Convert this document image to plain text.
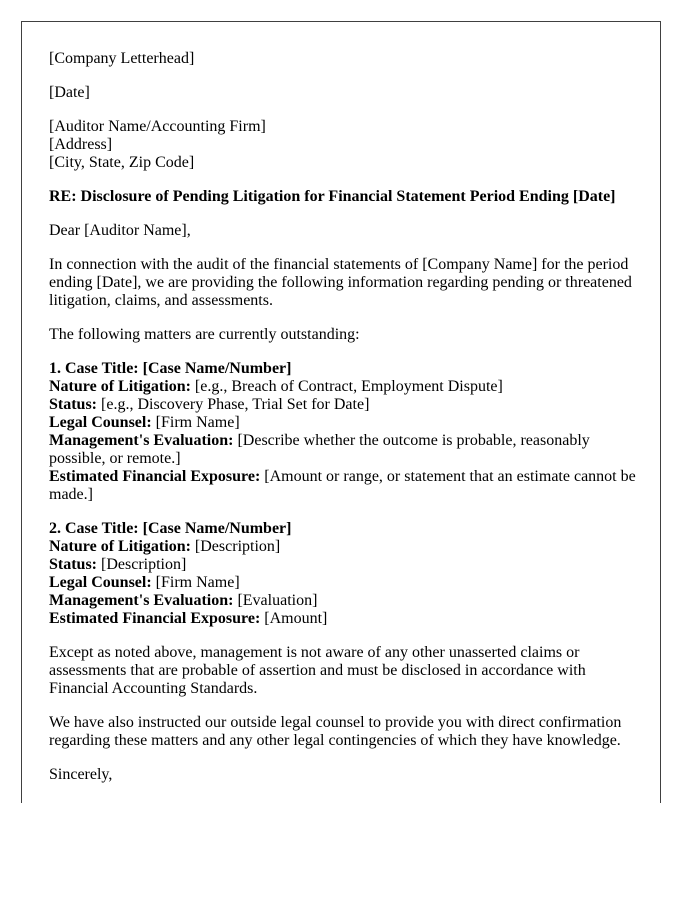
[Company Letterhead]

[Date]

[Auditor Name/Accounting Firm]
[Address]
[City, State, Zip Code]

RE: Disclosure of Pending Litigation for Financial Statement Period Ending [Date]

Dear [Auditor Name],

In connection with the audit of the financial statements of [Company Name] for the period ending [Date], we are providing the following information regarding pending or threatened litigation, claims, and assessments.

The following matters are currently outstanding:

1. Case Title: [Case Name/Number]
Nature of Litigation: [e.g., Breach of Contract, Employment Dispute]
Status: [e.g., Discovery Phase, Trial Set for Date]
Legal Counsel: [Firm Name]
Management's Evaluation: [Describe whether the outcome is probable, reasonably possible, or remote.]
Estimated Financial Exposure: [Amount or range, or statement that an estimate cannot be made.]

2. Case Title: [Case Name/Number]
Nature of Litigation: [Description]
Status: [Description]
Legal Counsel: [Firm Name]
Management's Evaluation: [Evaluation]
Estimated Financial Exposure: [Amount]

Except as noted above, management is not aware of any other unasserted claims or assessments that are probable of assertion and must be disclosed in accordance with Financial Accounting Standards.

We have also instructed our outside legal counsel to provide you with direct confirmation regarding these matters and any other legal contingencies of which they have knowledge.

Sincerely,
